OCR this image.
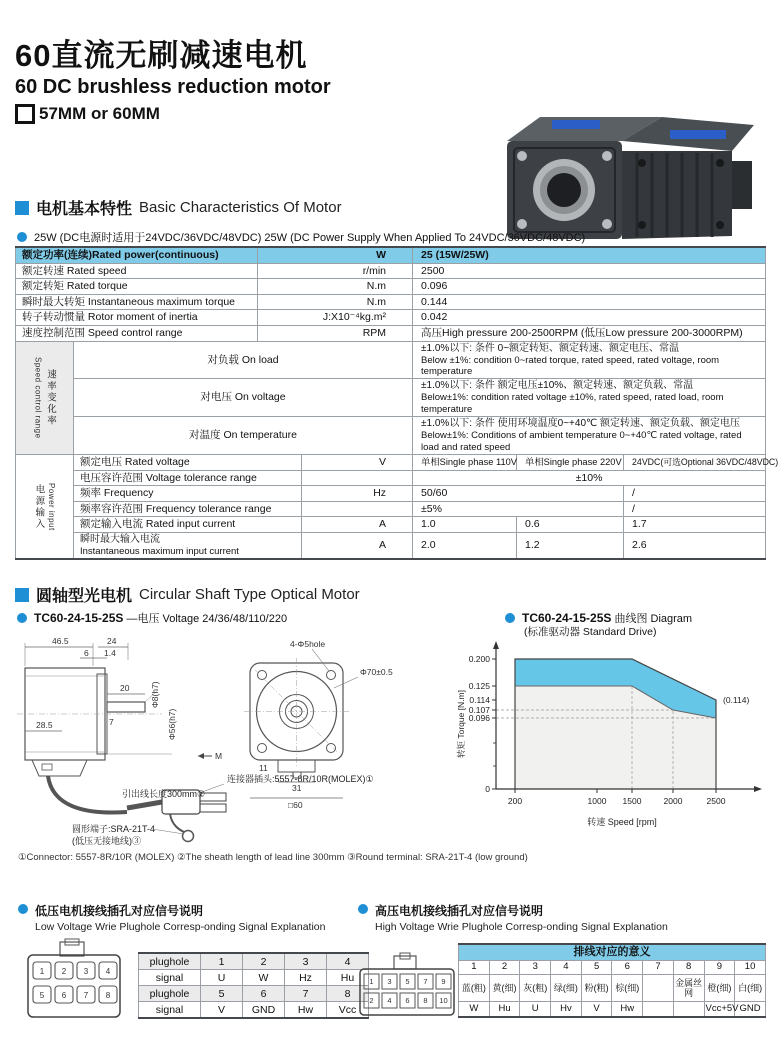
60直流无刷减速电机
60 DC brushless reduction motor
57MM or 60MM
电机基本特性 Basic Characteristics Of Motor
25W (DC电源时适用于24VDC/36VDC/48VDC) 25W (DC Power Supply When Applied To 24VDC/36VDC/48VDC)
额定功率(连续)Rated power(continuous)		W		25 (15W/25W)		
额定转速 Rated speed		r/min		2500		
额定转矩 Rated torque		N.m		0.096		
瞬时最大转矩 Instantaneous maximum torque		N.m		0.144		
转子转动惯量 Rotor moment of inertia		J:X10⁻⁴kg.m²		0.042		
速度控制范围 Speed control range		RPM		高压High pressure 200-2500RPM (低压Low pressure 200-3000RPM)		

Speed control range 速率变化率	对负载 On load			±1.0%以下: 条件 0~额定转矩、额定转速、额定电压、常温
Below ±1%: condition 0~rated torque, rated speed, rated voltage, room temperature		

	对电压 On voltage			±1.0%以下: 条件 额定电压±10%、额定转速、额定负载、常温
Below±1%: condition rated voltage ±10%, rated speed, rated load, room temperature		

	对温度 On temperature			±1.0%以下: 条件 使用环境温度0~+40℃ 额定转速、额定负载、额定电压
Below±1%: Conditions of ambient temperature 0~+40℃ rated voltage, rated load and rated speed		

电源输入 Power input	额定电压 Rated voltage		V	单相Single phase 110V	单相Single phase 220V	24VDC(可选Optional 36VDC/48VDC)
	电压容许范围 Voltage tolerance range			±10%		
	频率 Frequency		Hz	50/60		/
	频率容许范围 Frequency tolerance range			±5%		/
	额定输入电流 Rated input current		A	1.0	0.6	1.7

	瞬时最大输入电流
Instantaneous maximum input current		A	2.0	1.2	2.6
圆轴型光电机 Circular Shaft Type Optical Motor
TC60-24-15-25S —电压 Voltage 24/36/48/110/220	TC60-24-15-25S 曲线图 Diagram
(标准驱动器 Standard Drive)
46.5	24
6 1.4
20
7
28.5
Φ8(h7)
Φ56(h7)
M
连接器插头:5557-8R/10R(MOLEX)①
引出线长度300mm②
圆形端子:SRA-21T-4
(低压无接地线)③
4-Φ5hole
Φ70±0.5
11
31
□60
0.200
0.125
0.114
0.107
0.096
0
200	1000 1500	2000	2500
转矩 Torque [N.m]
转速 Speed [rpm]
(0.114)
①Connector: 5557-8R/10R (MOLEX) ②The sheath length of lead line 300mm ③Round terminal: SRA-21T-4 (low ground)
低压电机接线插孔对应信号说明
Low Voltage Wrie Plughole Corresp-onding Signal Explanation
1 2 3 4
5 6 7 8
plughole	1	2	3	4
signal	U	W	Hz	Hu
plughole	5	6	7	8
signal	V	GND	Hw	Vcc
高压电机接线插孔对应信号说明
High Voltage Wrie Plughole Corresp-onding Signal Explanation
1 3 5 7 9
2 4 6 8 10
排线对应的意义									
1	2	3	4	5	6	7	8	9	10
蓝(粗)	黄(细)	灰(粗)	绿(细)	粉(粗)	棕(细)		金属丝网	橙(细)	白(细)
W	Hu	U	Hv	V	Hw			Vcc+5V	GND
